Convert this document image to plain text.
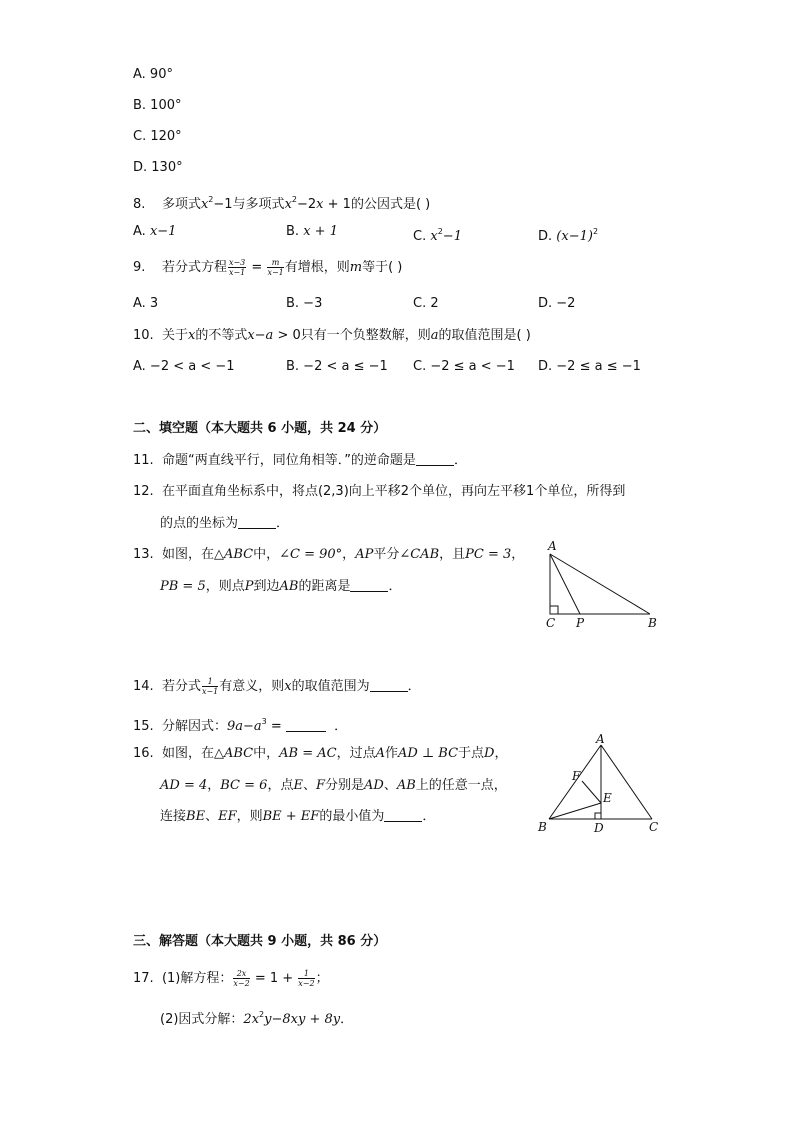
A. 90°
B. 100°
C. 120°
D. 130°
8. 多项式$x^2-1$与多项式$x^2-2x + 1$的公因式是( )
A. x−1	B. x + 1	C. $x^2-1$	D. $(x-1)^2$
9. 若分式方程 $\frac{x-3}{x-1} = \frac{m}{x-1}$ 有增根，则m等于( )
A. 3	B. −3	C. 2	D. −2
10. 关于x的不等式x−a > 0只有一个负整数解，则a的取值范围是( )
A. −2 < a < −1	B. −2 < a ≤ −1 C. −2 ≤ a < −1 D. −2 ≤ a ≤ −1
二、填空题（本大题共 6 小题，共 24 分）
11. 命题“两直线平行，同位角相等．”的逆命题是	．
12. 在平面直角坐标系中，将点(2,3)向上平移2个单位，再向左平移1个单位，所得到
的点的坐标为	．
13. 如图，在△ABC中，∠C = 90°，AP平分∠CAB，且PC = 3，
PB = 5，则点P到边AB的距离是	．
A
C P	B
14. 若分式 $\frac{1}{x-1}$ 有意义，则x的取值范围为	．
15. 分解因式：$9a-a^3$ =	．
16. 如图，在△ABC中，AB = AC，过点A作AD ⊥ BC于点D，
AD = 4，BC = 6，点E、F分别是AD、AB上的任意一点，
连接BE、EF，则BE + EF的最小值为	．
A
F
E
B	D	C
三、解答题（本大题共 9 小题，共 86 分）
17. (1)解方程： $\frac{2x}{x-2} = 1 + \frac{1}{x-2}$ ；
(2)因式分解：$2x^2y-8xy + 8y$．
